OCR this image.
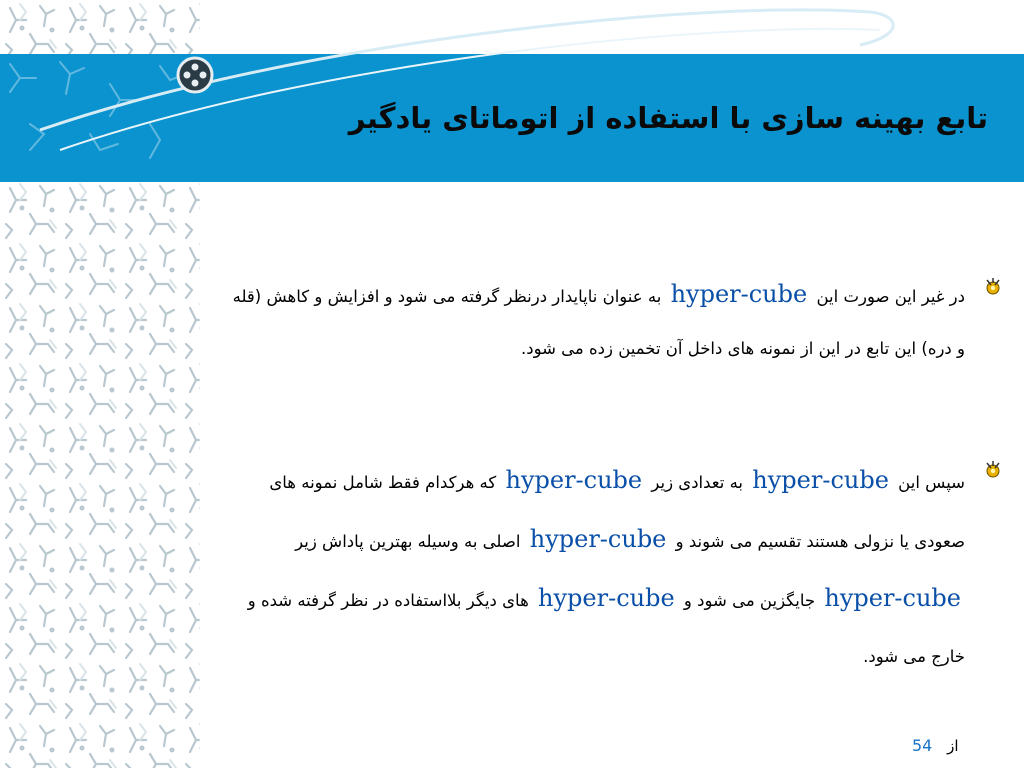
تابع بهینه سازی با استفاده از اتوماتای یادگیر
در غیر این صورت این hyper-cube به عنوان ناپایدار درنظر گرفته می شود و افزایش و کاهش (قله
و دره) این تابع در این از نمونه های داخل آن تخمین زده می شود.
سپس این hyper-cube به تعدادی زیر hyper-cube که هرکدام فقط شامل نمونه های
صعودی یا نزولی هستند تقسیم می شوند و hyper-cube اصلی به وسیله بهترین پاداش زیر
hyper-cube جایگزین می شود و hyper-cube های دیگر بلااستفاده در نظر گرفته شده و
خارج می شود.
از 54
